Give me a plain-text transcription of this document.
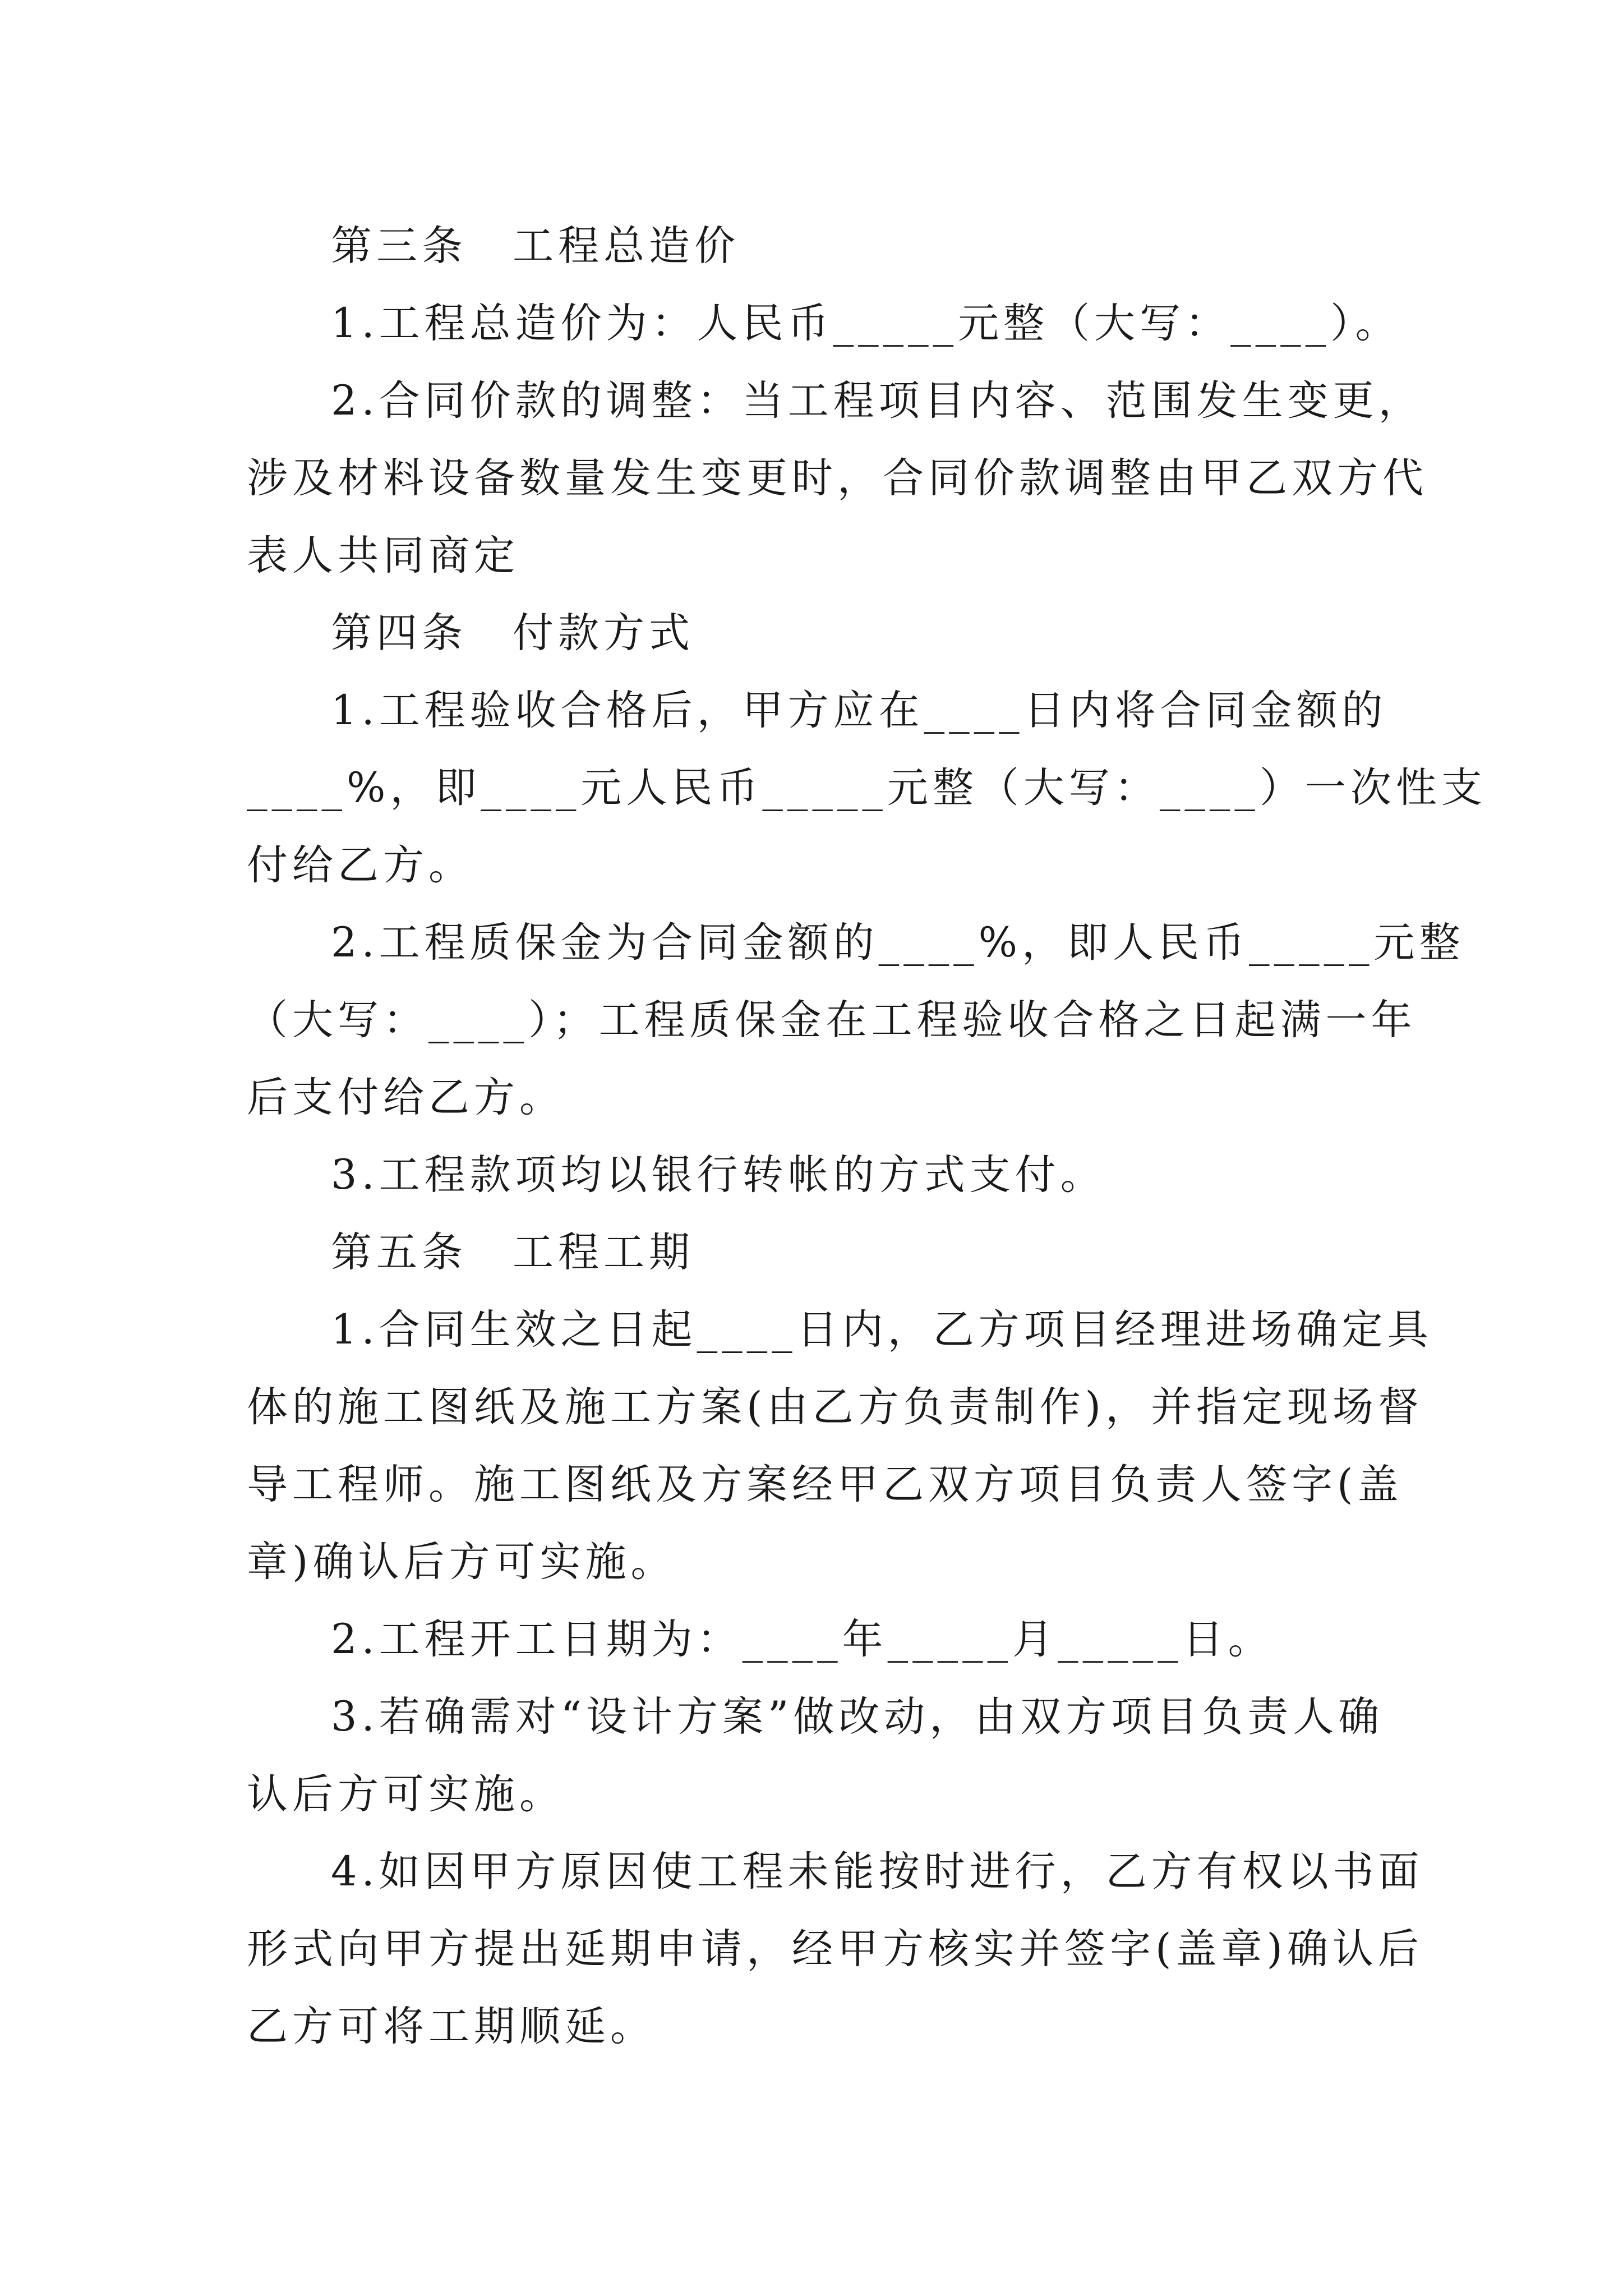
第三条　工程总造价
1.工程总造价为：人民币_____元整（大写：____）。
2.合同价款的调整：当工程项目内容、范围发生变更，
涉及材料设备数量发生变更时，合同价款调整由甲乙双方代
表人共同商定
第四条　付款方式
1.工程验收合格后，甲方应在____日内将合同金额的
____%，即____元人民币_____元整（大写：____）一次性支
付给乙方。
2.工程质保金为合同金额的____%，即人民币_____元整
（大写：____）；工程质保金在工程验收合格之日起满一年
后支付给乙方。
3.工程款项均以银行转帐的方式支付。
第五条　工程工期
1.合同生效之日起____日内，乙方项目经理进场确定具
体的施工图纸及施工方案(由乙方负责制作)，并指定现场督
导工程师。施工图纸及方案经甲乙双方项目负责人签字(盖
章)确认后方可实施。
2.工程开工日期为：____年_____月_____日。
3.若确需对“设计方案”做改动，由双方项目负责人确
认后方可实施。
4.如因甲方原因使工程未能按时进行，乙方有权以书面
形式向甲方提出延期申请，经甲方核实并签字(盖章)确认后
乙方可将工期顺延。
